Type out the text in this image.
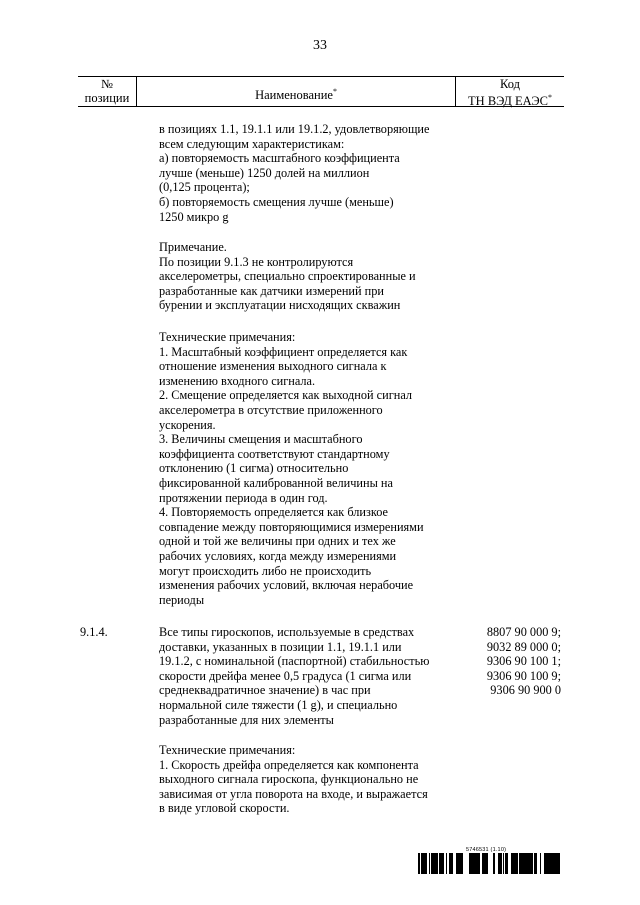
33
№
позиции	Наименование*
Код
ТН ВЭД ЕАЭС*
в позициях 1.1, 19.1.1 или 19.1.2, удовлетворяющие
всем следующим характеристикам:
а) повторяемость масштабного коэффициента
лучше (меньше) 1250 долей на миллион
(0,125 процента);
б) повторяемость смещения лучше (меньше)
1250 микро g
Примечание.
По позиции 9.1.3 не контролируются
акселерометры, специально спроектированные и
разработанные как датчики измерений при
бурении и эксплуатации нисходящих скважин
Технические примечания:
1. Масштабный коэффициент определяется как
отношение изменения выходного сигнала к
изменению входного сигнала.
2. Смещение определяется как выходной сигнал
акселерометра в отсутствие приложенного
ускорения.
3. Величины смещения и масштабного
коэффициента соответствуют стандартному
отклонению (1 сигма) относительно
фиксированной калиброванной величины на
протяжении периода в один год.
4. Повторяемость определяется как близкое
совпадение между повторяющимися измерениями
одной и той же величины при одних и тех же
рабочих условиях, когда между измерениями
могут происходить либо не происходить
изменения рабочих условий, включая нерабочие
периоды
9.1.4.	Все типы гироскопов, используемые в средствах
доставки, указанных в позиции 1.1, 19.1.1 или
19.1.2, с номинальной (паспортной) стабильностью
скорости дрейфа менее 0,5 градуса (1 сигма или
среднеквадратичное значение) в час при
нормальной силе тяжести (1 g), и специально
разработанные для них элементы
8807 90 000 9;
9032 89 000 0;
9306 90 100 1;
9306 90 100 9;
9306 90 900 0
Технические примечания:
1. Скорость дрейфа определяется как компонента
выходного сигнала гироскопа, функционально не
зависимая от угла поворота на входе, и выражается
в виде угловой скорости.
5746531 (1.10)
